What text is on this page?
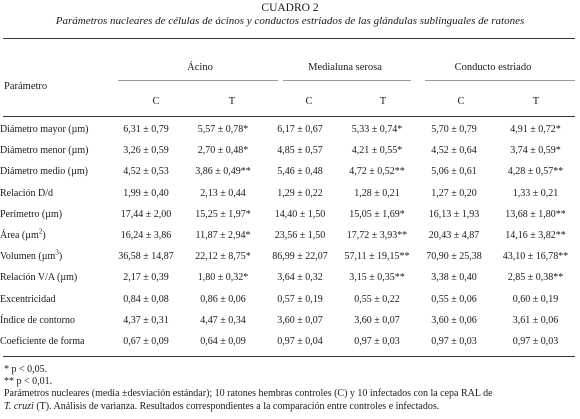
CUADRO 2
Parámetros nucleares de células de ácinos y conductos estriados de las glándulas sublinguales de ratones
Parámetro
Ácino	Medialuna serosa	Conducto estriado
C	T	C	T	C	T
Diámetro mayor (µm)	6,31 ± 0,79	5,57 ± 0,78*	6,17 ± 0,67	5,33 ± 0,74*	5,70 ± 0,79	4,91 ± 0,72*
Diámetro menor (µm)	3,26 ± 0,59	2,70 ± 0,48*	4,85 ± 0,57	4,21 ± 0,55*	4,52 ± 0,64	3,74 ± 0,59*
Diámetro medio (µm)	4,52 ± 0,53	3,86 ± 0,49**	5,46 ± 0,48	4,72 ± 0,52**	5,06 ± 0,61	4,28 ± 0,57**
Relación D/d	1,99 ± 0,40	2,13 ± 0,44	1,29 ± 0,22	1,28 ± 0,21	1,27 ± 0,20	1,33 ± 0,21
Perímetro (µm)	17,44 ± 2,00	15,25 ± 1,97*	14,40 ± 1,50	15,05 ± 1,69*	16,13 ± 1,93	13,68 ± 1,80**
Área (µm$^2$)	16,24 ± 3,86	11,87 ± 2,94*	23,56 ± 1,50	17,72 ± 3,93**	20,43 ± 4,87	14,16 ± 3,82**
Volumen (µm$^3$)	36,58 ± 14,87	22,12 ± 8,75*	86,99 ± 22,07	57,11 ± 19,15**	70,90 ± 25,38	43,10 ± 16,78**
Relación V/A (µm)	2,17 ± 0,39	1,80 ± 0,32*	3,64 ± 0,32	3,15 ± 0,35**	3,38 ± 0,40	2,85 ± 0,38**
Excentricidad	0,84 ± 0,08	0,86 ± 0,06	0,57 ± 0,19	0,55 ± 0,22	0,55 ± 0,06	0,60 ± 0,19
Índice de contorno	4,37 ± 0,31	4,47 ± 0,34	3,60 ± 0,07	3,60 ± 0,07	3,60 ± 0,06	3,61 ± 0,06
Coeficiente de forma	0,67 ± 0,09	0,64 ± 0,09	0,97 ± 0,04	0,97 ± 0,03	0,97 ± 0,03	0,97 ± 0,03
* p < 0,05.
** p < 0,01.
Parámetros nucleares (media ±desviación estándar); 10 ratones hembras controles (C) y 10 infectados con la cepa RAL de
T. cruzi (T). Análisis de varianza. Resultados correspondientes a la comparación entre controles e infectados.
